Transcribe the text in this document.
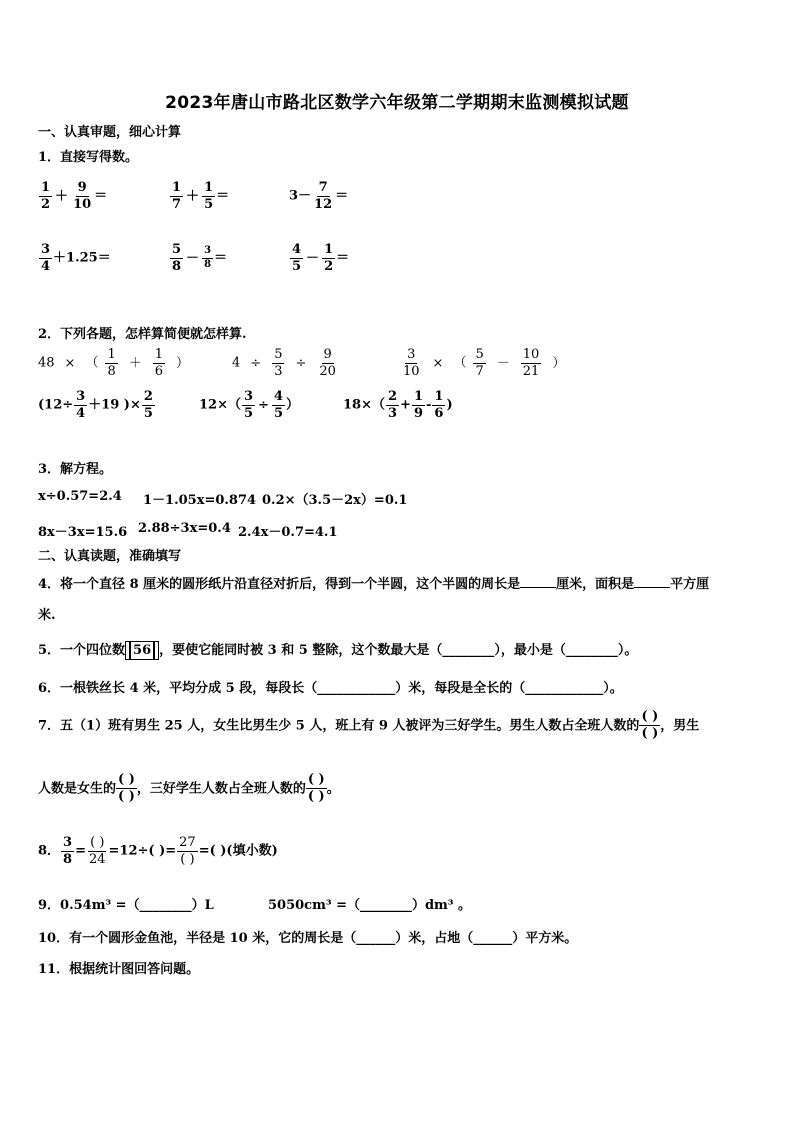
2023年唐山市路北区数学六年级第二学期期末监测模拟试题
一、认真审题，细心计算
1．直接写得数。
$\frac{1}{2} + \frac{9}{10}$ ＝	$\frac{1}{7} + \frac{1}{5}$ ＝	$3- \frac{7}{12}$ ＝
$\frac{3}{4} +1.25=$	$\frac{5}{8} - \frac{3}{8}$ ＝	$\frac{4}{5} - \frac{1}{2}$ ＝
2．下列各题，怎样算简便就怎样算.
48 × （ $\frac{1}{8} + \frac{1}{6}$ ）	$4 \div \frac{5}{3} \div \frac{9}{20}$	$\frac{3}{10}$ × （ $\frac{5}{7} - \frac{10}{21}$ ）
($12\div \frac{3}{4} +19$ )× $\frac{2}{5}$	$12\times( \frac{3}{5} \div \frac{4}{5}$ ）	$18\times( \frac{2}{3} + \frac{1}{9} - \frac{1}{6}$ )
3．解方程。
x÷0.57=2.4 1－1.05x=0.874 0.2×（3.5－2x）=0.1
8x－3x=15.6 2.88÷3x=0.4 2.4x－0.7=4.1
二、认真读题，准确填写
4．将一个直径 8 厘米的圆形纸片沿直径对折后，得到一个半圆，这个半圆的周长是	厘米，面积是	平方厘
米.
5．一个四位数 56 ，要使它能同时被 3 和 5 整除，这个数最大是（________），最小是（________）。
6．一根铁丝长 4 米，平均分成 5 段，每段长（____________）米，每段是全长的（____________）。
7．五（1）班有男生 25 人，女生比男生少 5 人，班上有 9 人被评为三好学生。男生人数占全班人数的 $\frac{( )}{( )}$ ，男生
人数是女生的 $\frac{( )}{( )}$ ，三好学生人数占全班人数的 $\frac{( )}{( )}$ 。
8． $\frac{3}{8} = \frac{( )}{24} =12\div$( )= $\frac{27}{( )}$ =( )(填小数)
9．0.54m³ =（________）L	5050cm³ =（________）dm³ 。
10．有一个圆形金鱼池，半径是 10 米，它的周长是（______）米，占地（______）平方米。
11．根据统计图回答问题。
